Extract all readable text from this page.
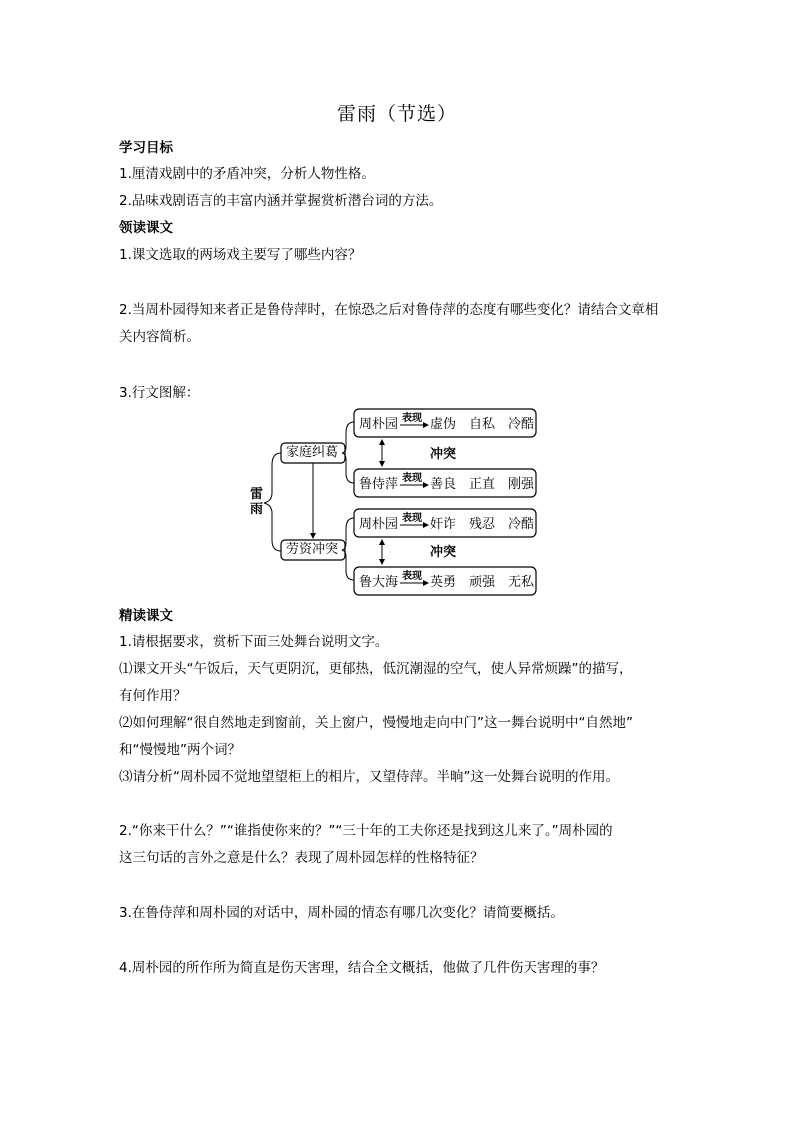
雷雨（节选）
学习目标
1.厘清戏剧中的矛盾冲突，分析人物性格。
2.品味戏剧语言的丰富内涵并掌握赏析潜台词的方法。
领读课文
1.课文选取的两场戏主要写了哪些内容？
2.当周朴园得知来者正是鲁侍萍时，在惊恐之后对鲁侍萍的态度有哪些变化？请结合文章相
关内容简析。
3.行文图解：
雷雨
家庭纠葛
劳资冲突
周朴园 表现 虚伪　自私　冷酷
冲突
鲁侍萍 表现 善良　正直　刚强
周朴园 表现 奸诈　残忍　冷酷
冲突
鲁大海 表现 英勇　顽强　无私
精读课文
1.请根据要求，赏析下面三处舞台说明文字。
⑴课文开头“午饭后，天气更阴沉，更郁热，低沉潮湿的空气，使人异常烦躁”的描写，
有何作用？
⑵如何理解“很自然地走到窗前，关上窗户，慢慢地走向中门”这一舞台说明中“自然地”
和“慢慢地”两个词？
⑶请分析“周朴园不觉地望望柜上的相片，又望侍萍。半晌”这一处舞台说明的作用。
2.“你来干什么？”“谁指使你来的？”“三十年的工夫你还是找到这儿来了。”周朴园的
这三句话的言外之意是什么？表现了周朴园怎样的性格特征？
3.在鲁侍萍和周朴园的对话中，周朴园的情态有哪几次变化？请简要概括。
4.周朴园的所作所为简直是伤天害理，结合全文概括，他做了几件伤天害理的事？
